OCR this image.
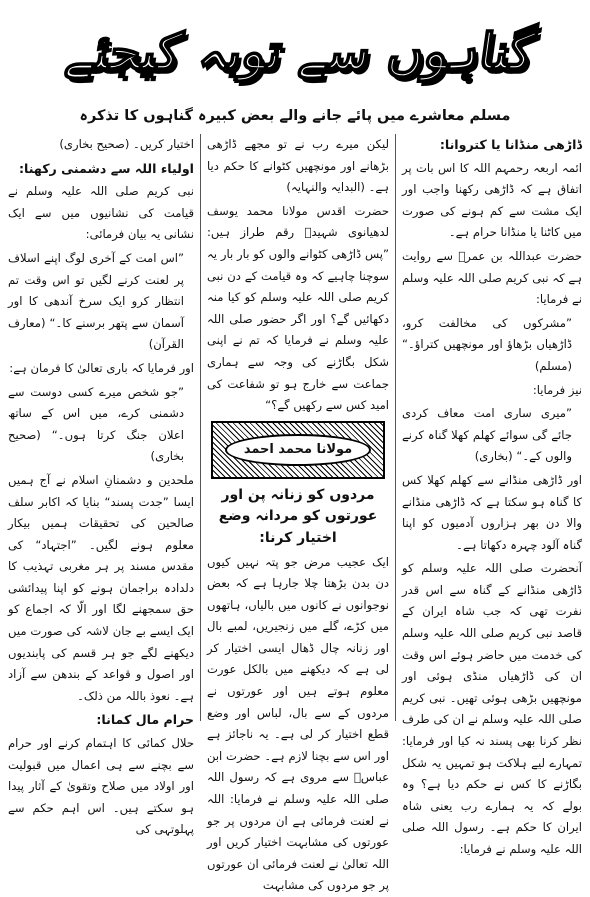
گناہوں سے توبہ کیجئے
مسلم معاشرے میں پائے جانے والے بعض کبیرہ گناہوں کا تذکرہ

ڈاڑھی منڈانا یا کتروانا:

ائمہ اربعہ رحمہم اللہ کا اس بات پر اتفاق ہے کہ ڈاڑھی رکھنا واجب اور ایک مشت سے کم ہونے کی صورت میں کاٹنا یا منڈانا حرام ہے۔

حضرت عبداللہ بن عمرؓ سے روایت ہے کہ نبی کریم صلی اللہ علیہ وسلم نے فرمایا:

”مشرکوں کی مخالفت کرو، ڈاڑھیاں بڑھاؤ اور مونچھیں کتراؤ۔“ (مسلم)

نیز فرمایا:

”میری ساری امت معاف کردی جائے گی سوائے کھلم کھلا گناہ کرنے والوں کے۔“ (بخاری)

اور ڈاڑھی منڈانے سے کھلم کھلا کس کا گناہ ہو سکتا ہے کہ ڈاڑھی منڈانے والا دن بھر ہزاروں آدمیوں کو اپنا گناہ آلود چہرہ دکھاتا ہے۔

آنحضرت صلی اللہ علیہ وسلم کو ڈاڑھی منڈانے کے گناہ سے اس قدر نفرت تھی کہ جب شاہ ایران کے قاصد نبی کریم صلی اللہ علیہ وسلم کی خدمت میں حاضر ہوئے اس وقت ان کی ڈاڑھیاں منڈی ہوئی اور مونچھیں بڑھی ہوئی تھیں۔ نبی کریم صلی اللہ علیہ وسلم نے ان کی طرف نظر کرنا بھی پسند نہ کیا اور فرمایا: تمہارے لیے ہلاکت ہو تمہیں یہ شکل بگاڑنے کا کس نے حکم دیا ہے؟ وہ بولے کہ یہ ہمارے رب یعنی شاہ ایران کا حکم ہے۔ رسول اللہ صلی اللہ علیہ وسلم نے فرمایا:

لیکن میرے رب نے تو مجھے ڈاڑھی بڑھانے اور مونچھیں کٹوانے کا حکم دیا ہے۔ (البدایہ والنہایہ)

حضرت اقدس مولانا محمد یوسف لدھیانوی شہیدؒ رقم طراز ہیں: ”پس ڈاڑھی کٹوانے والوں کو بار بار یہ سوچنا چاہیے کہ وہ قیامت کے دن نبی کریم صلی اللہ علیہ وسلم کو کیا منہ دکھائیں گے؟ اور اگر حضور صلی اللہ علیہ وسلم نے فرمایا کہ تم نے اپنی شکل بگاڑنے کی وجہ سے ہماری جماعت سے خارج ہو تو شفاعت کی امید کس سے رکھیں گے؟“

مولانا محمد احمد

مردوں کو زنانہ پن اور عورتوں کو مردانہ وضع اختیار کرنا:

ایک عجیب مرض جو پتہ نہیں کیوں دن بدن بڑھتا چلا جارہا ہے کہ بعض نوجوانوں نے کانوں میں بالیاں، ہاتھوں میں کڑے، گلے میں زنجیریں، لمبے بال اور زنانہ چال ڈھال ایسی اختیار کر لی ہے کہ دیکھنے میں بالکل عورت معلوم ہوتے ہیں اور عورتوں نے مردوں کے سے بال، لباس اور وضع قطع اختیار کر لی ہے۔ یہ ناجائز ہے اور اس سے بچنا لازم ہے۔ حضرت ابن عباسؓ سے مروی ہے کہ رسول اللہ صلی اللہ علیہ وسلم نے فرمایا: اللہ نے لعنت فرمائی ہے ان مردوں پر جو عورتوں کی مشابہت اختیار کریں اور اللہ تعالیٰ نے لعنت فرمائی ان عورتوں پر جو مردوں کی مشابہت

اختیار کریں۔ (صحیح بخاری)

اولیاء اللہ سے دشمنی رکھنا:

نبی کریم صلی اللہ علیہ وسلم نے قیامت کی نشانیوں میں سے ایک نشانی یہ بیان فرمائی:

”اس امت کے آخری لوگ اپنے اسلاف پر لعنت کرنے لگیں تو اس وقت تم انتظار کرو ایک سرخ آندھی کا اور آسمان سے پتھر برسنے کا۔“ (معارف القرآن)

اور فرمایا کہ باری تعالیٰ کا فرمان ہے:

”جو شخص میرے کسی دوست سے دشمنی کرے، میں اس کے ساتھ اعلان جنگ کرتا ہوں۔“ (صحیح بخاری)

ملحدین و دشمنانِ اسلام نے آج ہمیں ایسا ”جدت پسند“ بنایا کہ اکابر سلف صالحین کی تحقیقات ہمیں بیکار معلوم ہونے لگیں۔ ”اجتہاد“ کی مقدس مسند پر ہر مغربی تہذیب کا دلدادہ براجمان ہونے کو اپنا پیدائشی حق سمجھنے لگا اور الّا کہ اجماع کو ایک ایسے بے جان لاشہ کی صورت میں دیکھنے لگے جو ہر قسم کی پابندیوں اور اصول و قواعد کے بندھن سے آزاد ہے۔ نعوذ باللہ من ذلک۔

حرام مال کمانا:

حلال کمائی کا اہتمام کرنے اور حرام سے بچنے سے ہی اعمال میں قبولیت اور اولاد میں صلاح وتقویٰ کے آثار پیدا ہو سکتے ہیں۔ اس اہم حکم سے پہلوتہی کی
